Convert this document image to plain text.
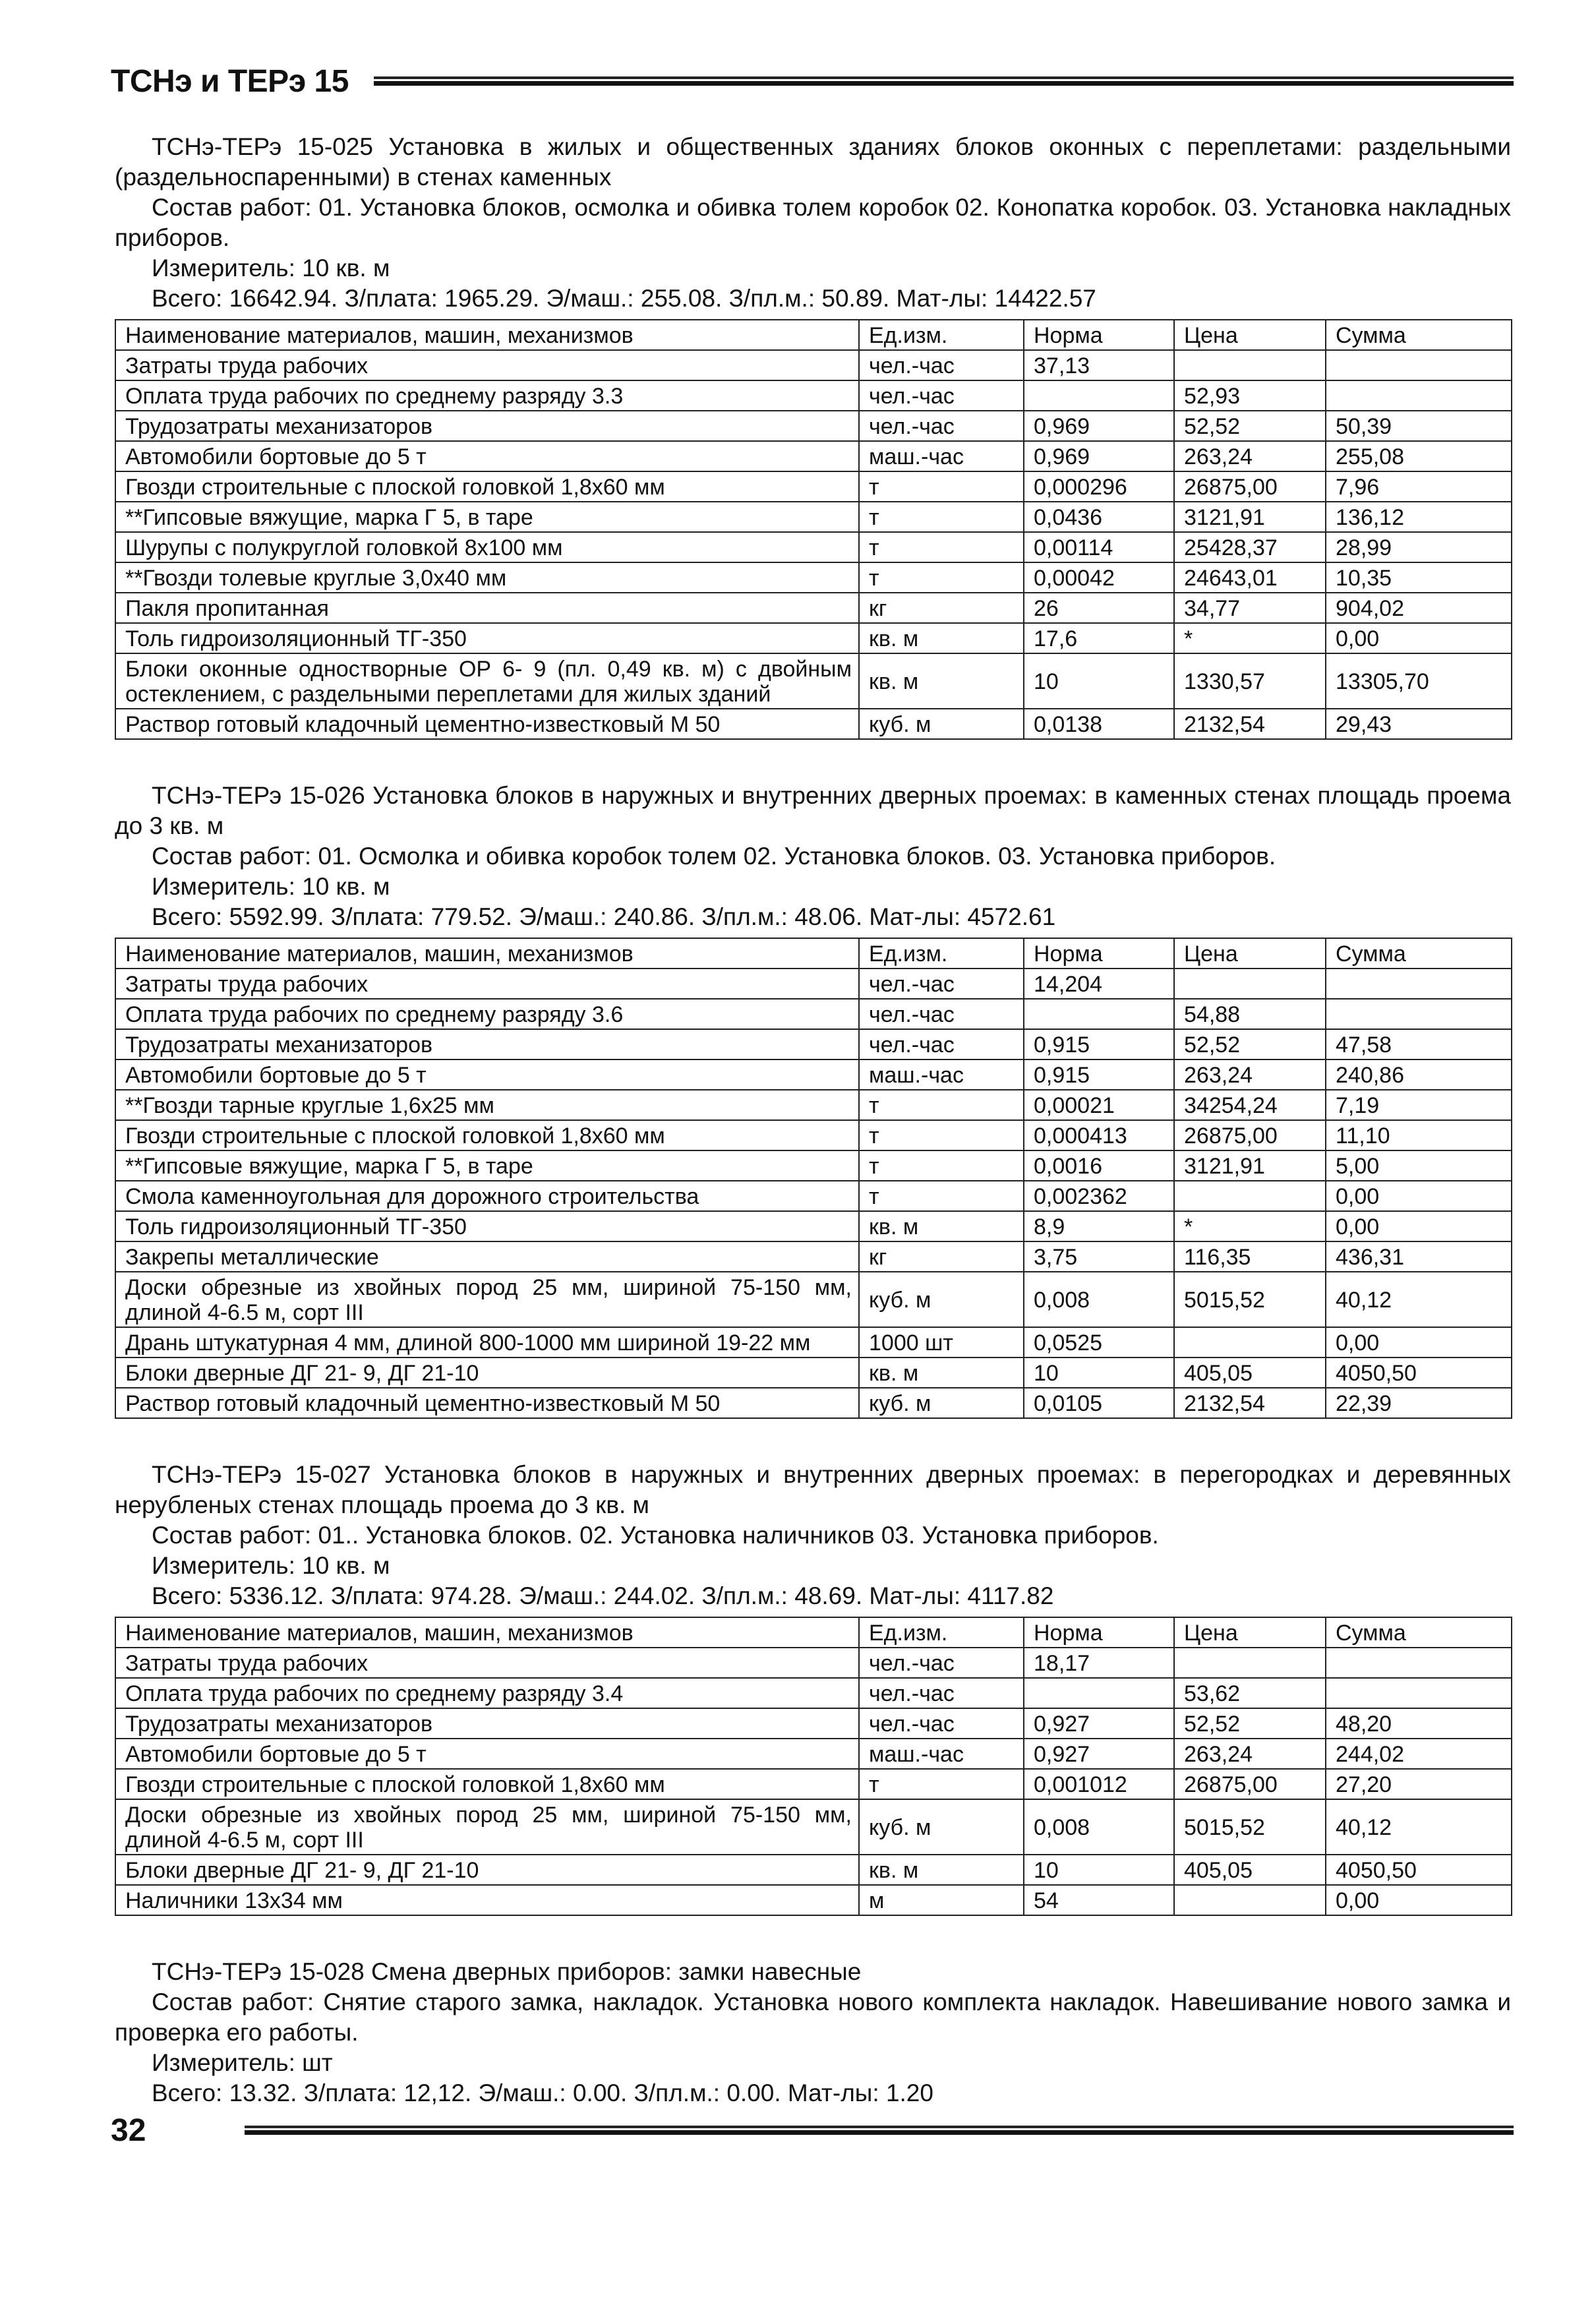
ТСНэ и ТЕРэ 15

ТСНэ-ТЕРэ 15-025 Установка в жилых и общественных зданиях блоков оконных с переплетами: раздельными (раздельноспаренными) в стенах каменных

Состав работ: 01. Установка блоков, осмолка и обивка толем коробок 02. Конопатка коробок. 03. Установка накладных приборов.

Измеритель: 10 кв. м

Всего: 16642.94. З/плата: 1965.29. Э/маш.: 255.08. З/пл.м.: 50.89. Мат-лы: 14422.57

Наименование материалов, машин, механизмов	Ед.изм.	Норма	Цена	Сумма
Затраты труда рабочих	чел.-час	37,13		
Оплата труда рабочих по среднему разряду 3.3	чел.-час		52,93	
Трудозатраты механизаторов	чел.-час	0,969	52,52	50,39
Автомобили бортовые до 5 т	маш.-час	0,969	263,24	255,08
Гвозди строительные с плоской головкой 1,8x60 мм	т	0,000296	26875,00	7,96
**Гипсовые вяжущие, марка Г 5, в таре	т	0,0436	3121,91	136,12
Шурупы с полукруглой головкой 8x100 мм	т	0,00114	25428,37	28,99
**Гвозди толевые круглые 3,0x40 мм	т	0,00042	24643,01	10,35
Пакля пропитанная	кг	26	34,77	904,02
Толь гидроизоляционный ТГ-350	кв. м	17,6	*	0,00
Блоки оконные одностворные ОР 6- 9 (пл. 0,49 кв. м) с двойным остеклением, с раздельными переплетами для жилых зданий	кв. м	10	1330,57	13305,70
Раствор готовый кладочный цементно-известковый М 50	куб. м	0,0138	2132,54	29,43

ТСНэ-ТЕРэ 15-026 Установка блоков в наружных и внутренних дверных проемах: в каменных стенах площадь проема до 3 кв. м

Состав работ: 01. Осмолка и обивка коробок толем 02. Установка блоков. 03. Установка приборов.

Измеритель: 10 кв. м

Всего: 5592.99. З/плата: 779.52. Э/маш.: 240.86. З/пл.м.: 48.06. Мат-лы: 4572.61

Наименование материалов, машин, механизмов	Ед.изм.	Норма	Цена	Сумма
Затраты труда рабочих	чел.-час	14,204		
Оплата труда рабочих по среднему разряду 3.6	чел.-час		54,88	
Трудозатраты механизаторов	чел.-час	0,915	52,52	47,58
Автомобили бортовые до 5 т	маш.-час	0,915	263,24	240,86
**Гвозди тарные круглые 1,6x25 мм	т	0,00021	34254,24	7,19
Гвозди строительные с плоской головкой 1,8x60 мм	т	0,000413	26875,00	11,10
**Гипсовые вяжущие, марка Г 5, в таре	т	0,0016	3121,91	5,00
Смола каменноугольная для дорожного строительства	т	0,002362		0,00
Толь гидроизоляционный ТГ-350	кв. м	8,9	*	0,00
Закрепы металлические	кг	3,75	116,35	436,31
Доски обрезные из хвойных пород 25 мм, шириной 75-150 мм, длиной 4-6.5 м, сорт III	куб. м	0,008	5015,52	40,12
Дрань штукатурная 4 мм, длиной 800-1000 мм шириной 19-22 мм	1000 шт	0,0525		0,00
Блоки дверные ДГ 21- 9, ДГ 21-10	кв. м	10	405,05	4050,50
Раствор готовый кладочный цементно-известковый М 50	куб. м	0,0105	2132,54	22,39

ТСНэ-ТЕРэ 15-027 Установка блоков в наружных и внутренних дверных проемах: в перегородках и деревянных нерубленых стенах площадь проема до 3 кв. м

Состав работ: 01.. Установка блоков. 02. Установка наличников 03. Установка приборов.

Измеритель: 10 кв. м

Всего: 5336.12. З/плата: 974.28. Э/маш.: 244.02. З/пл.м.: 48.69. Мат-лы: 4117.82

Наименование материалов, машин, механизмов	Ед.изм.	Норма	Цена	Сумма
Затраты труда рабочих	чел.-час	18,17		
Оплата труда рабочих по среднему разряду 3.4	чел.-час		53,62	
Трудозатраты механизаторов	чел.-час	0,927	52,52	48,20
Автомобили бортовые до 5 т	маш.-час	0,927	263,24	244,02
Гвозди строительные с плоской головкой 1,8x60 мм	т	0,001012	26875,00	27,20
Доски обрезные из хвойных пород 25 мм, шириной 75-150 мм, длиной 4-6.5 м, сорт III	куб. м	0,008	5015,52	40,12
Блоки дверные ДГ 21- 9, ДГ 21-10	кв. м	10	405,05	4050,50
Наличники 13x34 мм	м	54		0,00

ТСНэ-ТЕРэ 15-028 Смена дверных приборов: замки навесные

Состав работ: Снятие старого замка, накладок. Установка нового комплекта накладок. Навешивание нового замка и проверка его работы.

Измеритель: шт

Всего: 13.32. З/плата: 12,12. Э/маш.: 0.00. З/пл.м.: 0.00. Мат-лы: 1.20

32
